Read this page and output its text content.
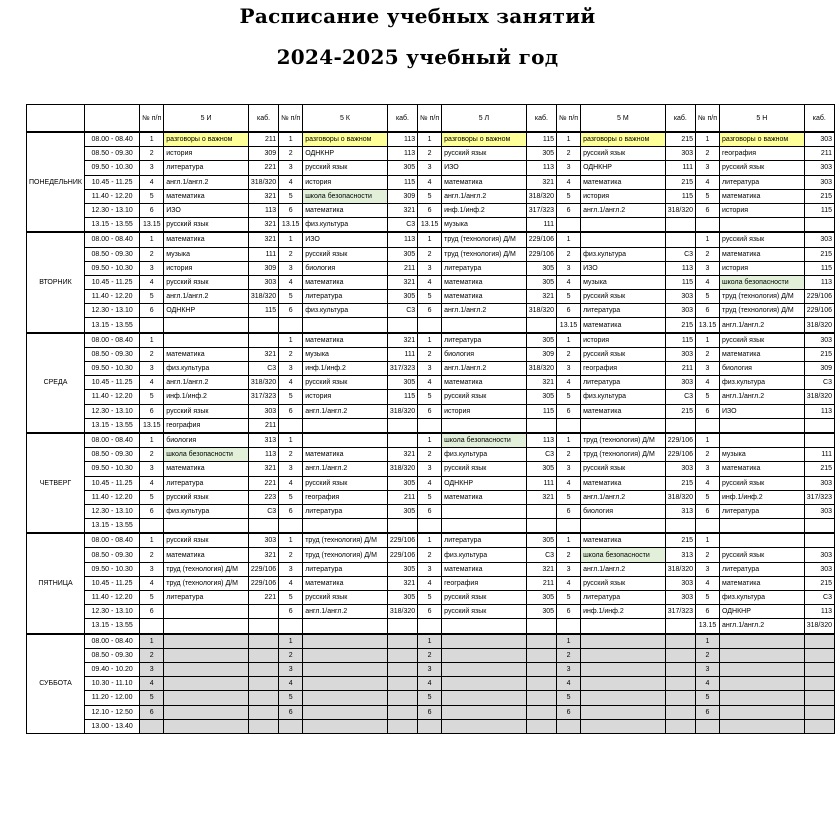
Расписание учебных занятий
2024-2025 учебный год
		№ п/п	5 И	каб.	№ п/п	5 К	каб.	№ п/п	5 Л	каб.	№ п/п	5 М	каб.	№ п/п	5 Н	каб.
ПОНЕДЕЛЬНИК	08.00 - 08.40	1	разговоры о важном	211	1	разговоры о важном	113	1	разговоры о важном	115	1	разговоры о важном	215	1	разговоры о важном	303
	08.50 - 09.30	2	история	309	2	ОДНКНР	113	2	русский язык	305	2	русский язык	303	2	география	211
	09.50 - 10.30	3	литература	221	3	русский язык	305	3	ИЗО	113	3	ОДНКНР	111	3	русский язык	303
	10.45 - 11.25	4	англ.1/англ.2	318/320	4	история	115	4	математика	321	4	математика	215	4	литература	303
	11.40 - 12.20	5	математика	321	5	школа безопасности	309	5	англ.1/англ.2	318/320	5	история	115	5	математика	215
	12.30 - 13.10	6	ИЗО	113	6	математика	321	6	инф.1/инф.2	317/323	6	англ.1/англ.2	318/320	6	история	115
	13.15 - 13.55	13.15	русский язык	321	13.15	физ.культура	С3	13.15	музыка	111						
ВТОРНИК	08.00 - 08.40	1	математика	321	1	ИЗО	113	1	труд (технология) Д/М	229/106	1			1	русский язык	303
	08.50 - 09.30	2	музыка	111	2	русский язык	305	2	труд (технология) Д/М	229/106	2	физ.культура	С3	2	математика	215
	09.50 - 10.30	3	история	309	3	биология	211	3	литература	305	3	ИЗО	113	3	история	115
	10.45 - 11.25	4	русский язык	303	4	математика	321	4	математика	305	4	музыка	115	4	школа безопасности	113
	11.40 - 12.20	5	англ.1/англ.2	318/320	5	литература	305	5	математика	321	5	русский язык	303	5	труд (технология) Д/М	229/106
	12.30 - 13.10	6	ОДНКНР	115	6	физ.культура	С3	6	англ.1/англ.2	318/320	6	литература	303	6	труд (технология) Д/М	229/106
	13.15 - 13.55										13.15	математика	215	13.15	англ.1/англ.2	318/320
СРЕДА	08.00 - 08.40	1			1	математика	321	1	литература	305	1	история	115	1	русский язык	303
	08.50 - 09.30	2	математика	321	2	музыка	111	2	биология	309	2	русский язык	303	2	математика	215
	09.50 - 10.30	3	физ.культура	С3	3	инф.1/инф.2	317/323	3	англ.1/англ.2	318/320	3	география	211	3	биология	309
	10.45 - 11.25	4	англ.1/англ.2	318/320	4	русский язык	305	4	математика	321	4	литература	303	4	физ.культура	С3
	11.40 - 12.20	5	инф.1/инф.2	317/323	5	история	115	5	русский язык	305	5	физ.культура	С3	5	англ.1/англ.2	318/320
	12.30 - 13.10	6	русский язык	303	6	англ.1/англ.2	318/320	6	история	115	6	математика	215	6	ИЗО	113
	13.15 - 13.55	13.15	география	211												
ЧЕТВЕРГ	08.00 - 08.40	1	биология	313	1			1	школа безопасности	113	1	труд (технология) Д/М	229/106	1		
	08.50 - 09.30	2	школа безопасности	113	2	математика	321	2	физ.культура	С3	2	труд (технология) Д/М	229/106	2	музыка	111
	09.50 - 10.30	3	математика	321	3	англ.1/англ.2	318/320	3	русский язык	305	3	русский язык	303	3	математика	215
	10.45 - 11.25	4	литература	221	4	русский язык	305	4	ОДНКНР	111	4	математика	215	4	русский язык	303
	11.40 - 12.20	5	русский язык	223	5	география	211	5	математика	321	5	англ.1/англ.2	318/320	5	инф.1/инф.2	317/323
	12.30 - 13.10	6	физ.культура	С3	6	литература	305	6			6	биология	313	6	литература	303
	13.15 - 13.55															
ПЯТНИЦА	08.00 - 08.40	1	русский язык	303	1	труд (технология) Д/М	229/106	1	литература	305	1	математика	215	1		
	08.50 - 09.30	2	математика	321	2	труд (технология) Д/М	229/106	2	физ.культура	С3	2	школа безопасности	313	2	русский язык	303
	09.50 - 10.30	3	труд (технология) Д/М	229/106	3	литература	305	3	математика	321	3	англ.1/англ.2	318/320	3	литература	303
	10.45 - 11.25	4	труд (технология) Д/М	229/106	4	математика	321	4	география	211	4	русский язык	303	4	математика	215
	11.40 - 12.20	5	литература	221	5	русский язык	305	5	русский язык	305	5	литература	303	5	физ.культура	С3
	12.30 - 13.10	6			6	англ.1/англ.2	318/320	6	русский язык	305	6	инф.1/инф.2	317/323	6	ОДНКНР	113
	13.15 - 13.55													13.15	англ.1/англ.2	318/320
СУББОТА	08.00 - 08.40	1			1			1			1			1		
	08.50 - 09.30	2			2			2			2			2		
	09.40 - 10.20	3			3			3			3			3		
	10.30 - 11.10	4			4			4			4			4		
	11.20 - 12.00	5			5			5			5			5		
	12.10 - 12.50	6			6			6			6			6		
	13.00 - 13.40															
